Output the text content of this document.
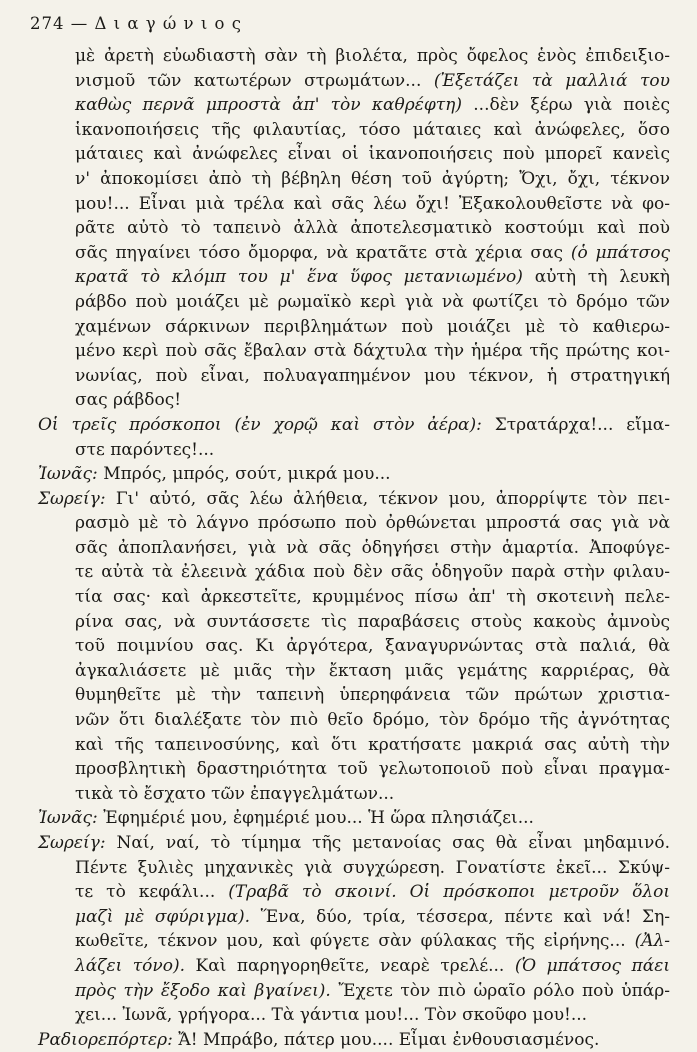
274 — Δ ι α γ ώ ν ι ο ς
μὲ ἀρετὴ εὐωδιαστὴ σὰν τὴ βιολέτα, πρὸς ὄφελος ἑνὸς ἐπιδειξιο-
νισμοῦ τῶν κατωτέρων στρωμάτων... (Ἐξετάζει τὰ μαλλιά του
καθὼς περνᾶ μπροστὰ ἀπ' τὸν καθρέφτη) ...δὲν ξέρω γιὰ ποιὲς
ἱκανοποιήσεις τῆς φιλαυτίας, τόσο μάταιες καὶ ἀνώφελες, ὅσο
μάταιες καὶ ἀνώφελες εἶναι οἱ ἱκανοποιήσεις ποὺ μπορεῖ κανεὶς
ν' ἀποκομίσει ἀπὸ τὴ βέβηλη θέση τοῦ ἀγύρτη; Ὄχι, ὄχι, τέκνον
μου!... Εἶναι μιὰ τρέλα καὶ σᾶς λέω ὄχι! Ἐξακολουθεῖστε νὰ φο-
ρᾶτε αὐτὸ τὸ ταπεινὸ ἀλλὰ ἀποτελεσματικὸ κοστούμι καὶ ποὺ
σᾶς πηγαίνει τόσο ὄμορφα, νὰ κρατᾶτε στὰ χέρια σας (ὁ μπάτσος
κρατᾶ τὸ κλόμπ του μ' ἕνα ὕφος μετανιωμένο) αὐτὴ τὴ λευκὴ
ράβδο ποὺ μοιάζει μὲ ρωμαϊκὸ κερὶ γιὰ νὰ φωτίζει τὸ δρόμο τῶν
χαμένων σάρκινων περιβλημάτων ποὺ μοιάζει μὲ τὸ καθιερω-
μένο κερὶ ποὺ σᾶς ἔβαλαν στὰ δάχτυλα τὴν ἡμέρα τῆς πρώτης κοι-
νωνίας, ποὺ εἶναι, πολυαγαπημένον μου τέκνον, ἡ στρατηγική
σας ράβδος!
Οἱ τρεῖς πρόσκοποι (ἐν χορῷ καὶ στὸν ἀέρα): Στρατάρχα!... εἴμα-
στε παρόντες!...
Ἰωνᾶς: Μπρός, μπρός, σούτ, μικρά μου...
Σωρείγ: Γι' αὐτό, σᾶς λέω ἀλήθεια, τέκνον μου, ἀπορρίψτε τὸν πει-
ρασμὸ μὲ τὸ λάγνο πρόσωπο ποὺ ὀρθώνεται μπροστά σας γιὰ νὰ
σᾶς ἀποπλανήσει, γιὰ νὰ σᾶς ὁδηγήσει στὴν ἁμαρτία. Ἀποφύγε-
τε αὐτὰ τὰ ἐλεεινὰ χάδια ποὺ δὲν σᾶς ὁδηγοῦν παρὰ στὴν φιλαυ-
τία σας· καὶ ἀρκεστεῖτε, κρυμμένος πίσω ἀπ' τὴ σκοτεινὴ πελε-
ρίνα σας, νὰ συντάσσετε τὶς παραβάσεις στοὺς κακοὺς ἀμνοὺς
τοῦ ποιμνίου σας. Κι ἀργότερα, ξαναγυρνώντας στὰ παλιά, θὰ
ἀγκαλιάσετε μὲ μιᾶς τὴν ἔκταση μιᾶς γεμάτης καρριέρας, θὰ
θυμηθεῖτε μὲ τὴν ταπεινὴ ὑπερηφάνεια τῶν πρώτων χριστια-
νῶν ὅτι διαλέξατε τὸν πιὸ θεῖο δρόμο, τὸν δρόμο τῆς ἀγνότητας
καὶ τῆς ταπεινοσύνης, καὶ ὅτι κρατήσατε μακριά σας αὐτὴ τὴν
προσβλητικὴ δραστηριότητα τοῦ γελωτοποιοῦ ποὺ εἶναι πραγμα-
τικὰ τὸ ἔσχατο τῶν ἐπαγγελμάτων...
Ἰωνᾶς: Ἐφημέριέ μου, ἐφημέριέ μου... Ἡ ὥρα πλησιάζει...
Σωρείγ: Ναί, ναί, τὸ τίμημα τῆς μετανοίας σας θὰ εἶναι μηδαμινό.
Πέντε ξυλιὲς μηχανικὲς γιὰ συγχώρεση. Γονατίστε ἐκεῖ... Σκύψ-
τε τὸ κεφάλι... (Τραβᾶ τὸ σκοινί. Οἱ πρόσκοποι μετροῦν ὅλοι
μαζὶ μὲ σφύριγμα). Ἕνα, δύο, τρία, τέσσερα, πέντε καὶ νά! Ση-
κωθεῖτε, τέκνον μου, καὶ φύγετε σὰν φύλακας τῆς εἰρήνης... (Ἀλ-
λάζει τόνο). Καὶ παρηγορηθεῖτε, νεαρὲ τρελέ... (Ὁ μπάτσος πάει
πρὸς τὴν ἔξοδο καὶ βγαίνει). Ἔχετε τὸν πιὸ ὡραῖο ρόλο ποὺ ὑπάρ-
χει... Ἰωνᾶ, γρήγορα... Τὰ γάντια μου!... Τὸν σκοῦφο μου!...
Ραδιορεπόρτερ: Ἄ! Μπράβο, πάτερ μου.... Εἶμαι ἐνθουσιασμένος.
